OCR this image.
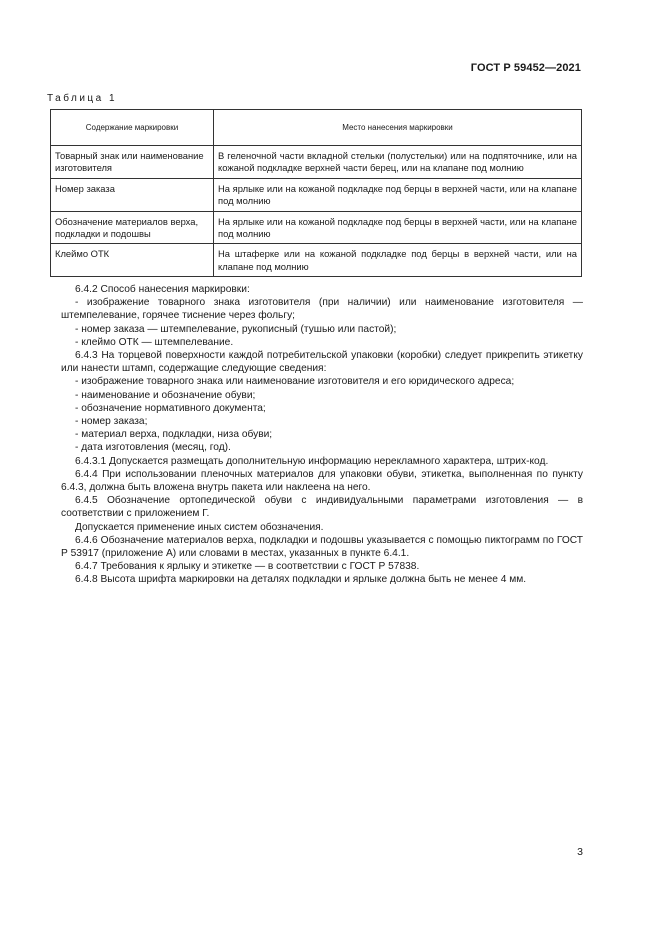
ГОСТ Р 59452—2021
Таблица 1
Содержание маркировки	Место нанесения маркировки
Товарный знак или наименование изготовителя	В геленочной части вкладной стельки (полустельки) или на подпяточнике, или на кожаной подкладке верхней части берец, или на клапане под молнию
Номер заказа	На ярлыке или на кожаной подкладке под берцы в верхней части, или на клапане под молнию
Обозначение материалов верха, подкладки и подошвы	На ярлыке или на кожаной подкладке под берцы в верхней части, или на клапане под молнию
Клеймо ОТК	На штаферке или на кожаной подкладке под берцы в верхней части, или на клапане под молнию

6.4.2 Способ нанесения маркировки:

- изображение товарного знака изготовителя (при наличии) или наименование изготовителя — штемпелевание, горячее тиснение через фольгу;

- номер заказа — штемпелевание, рукописный (тушью или пастой);

- клеймо ОТК — штемпелевание.

6.4.3 На торцевой поверхности каждой потребительской упаковки (коробки) следует прикрепить этикетку или нанести штамп, содержащие следующие сведения:

- изображение товарного знака или наименование изготовителя и его юридического адреса;

- наименование и обозначение обуви;

- обозначение нормативного документа;

- номер заказа;

- материал верха, подкладки, низа обуви;

- дата изготовления (месяц, год).

6.4.3.1 Допускается размещать дополнительную информацию нерекламного характера, штрих-код.

6.4.4 При использовании пленочных материалов для упаковки обуви, этикетка, выполненная по пункту 6.4.3, должна быть вложена внутрь пакета или наклеена на него.

6.4.5 Обозначение ортопедической обуви с индивидуальными параметрами изготовления — в соответствии с приложением Г.

Допускается применение иных систем обозначения.

6.4.6 Обозначение материалов верха, подкладки и подошвы указывается с помощью пиктограмм по ГОСТ Р 53917 (приложение А) или словами в местах, указанных в пункте 6.4.1.

6.4.7 Требования к ярлыку и этикетке — в соответствии с ГОСТ Р 57838.

6.4.8 Высота шрифта маркировки на деталях подкладки и ярлыке должна быть не менее 4 мм.

3
